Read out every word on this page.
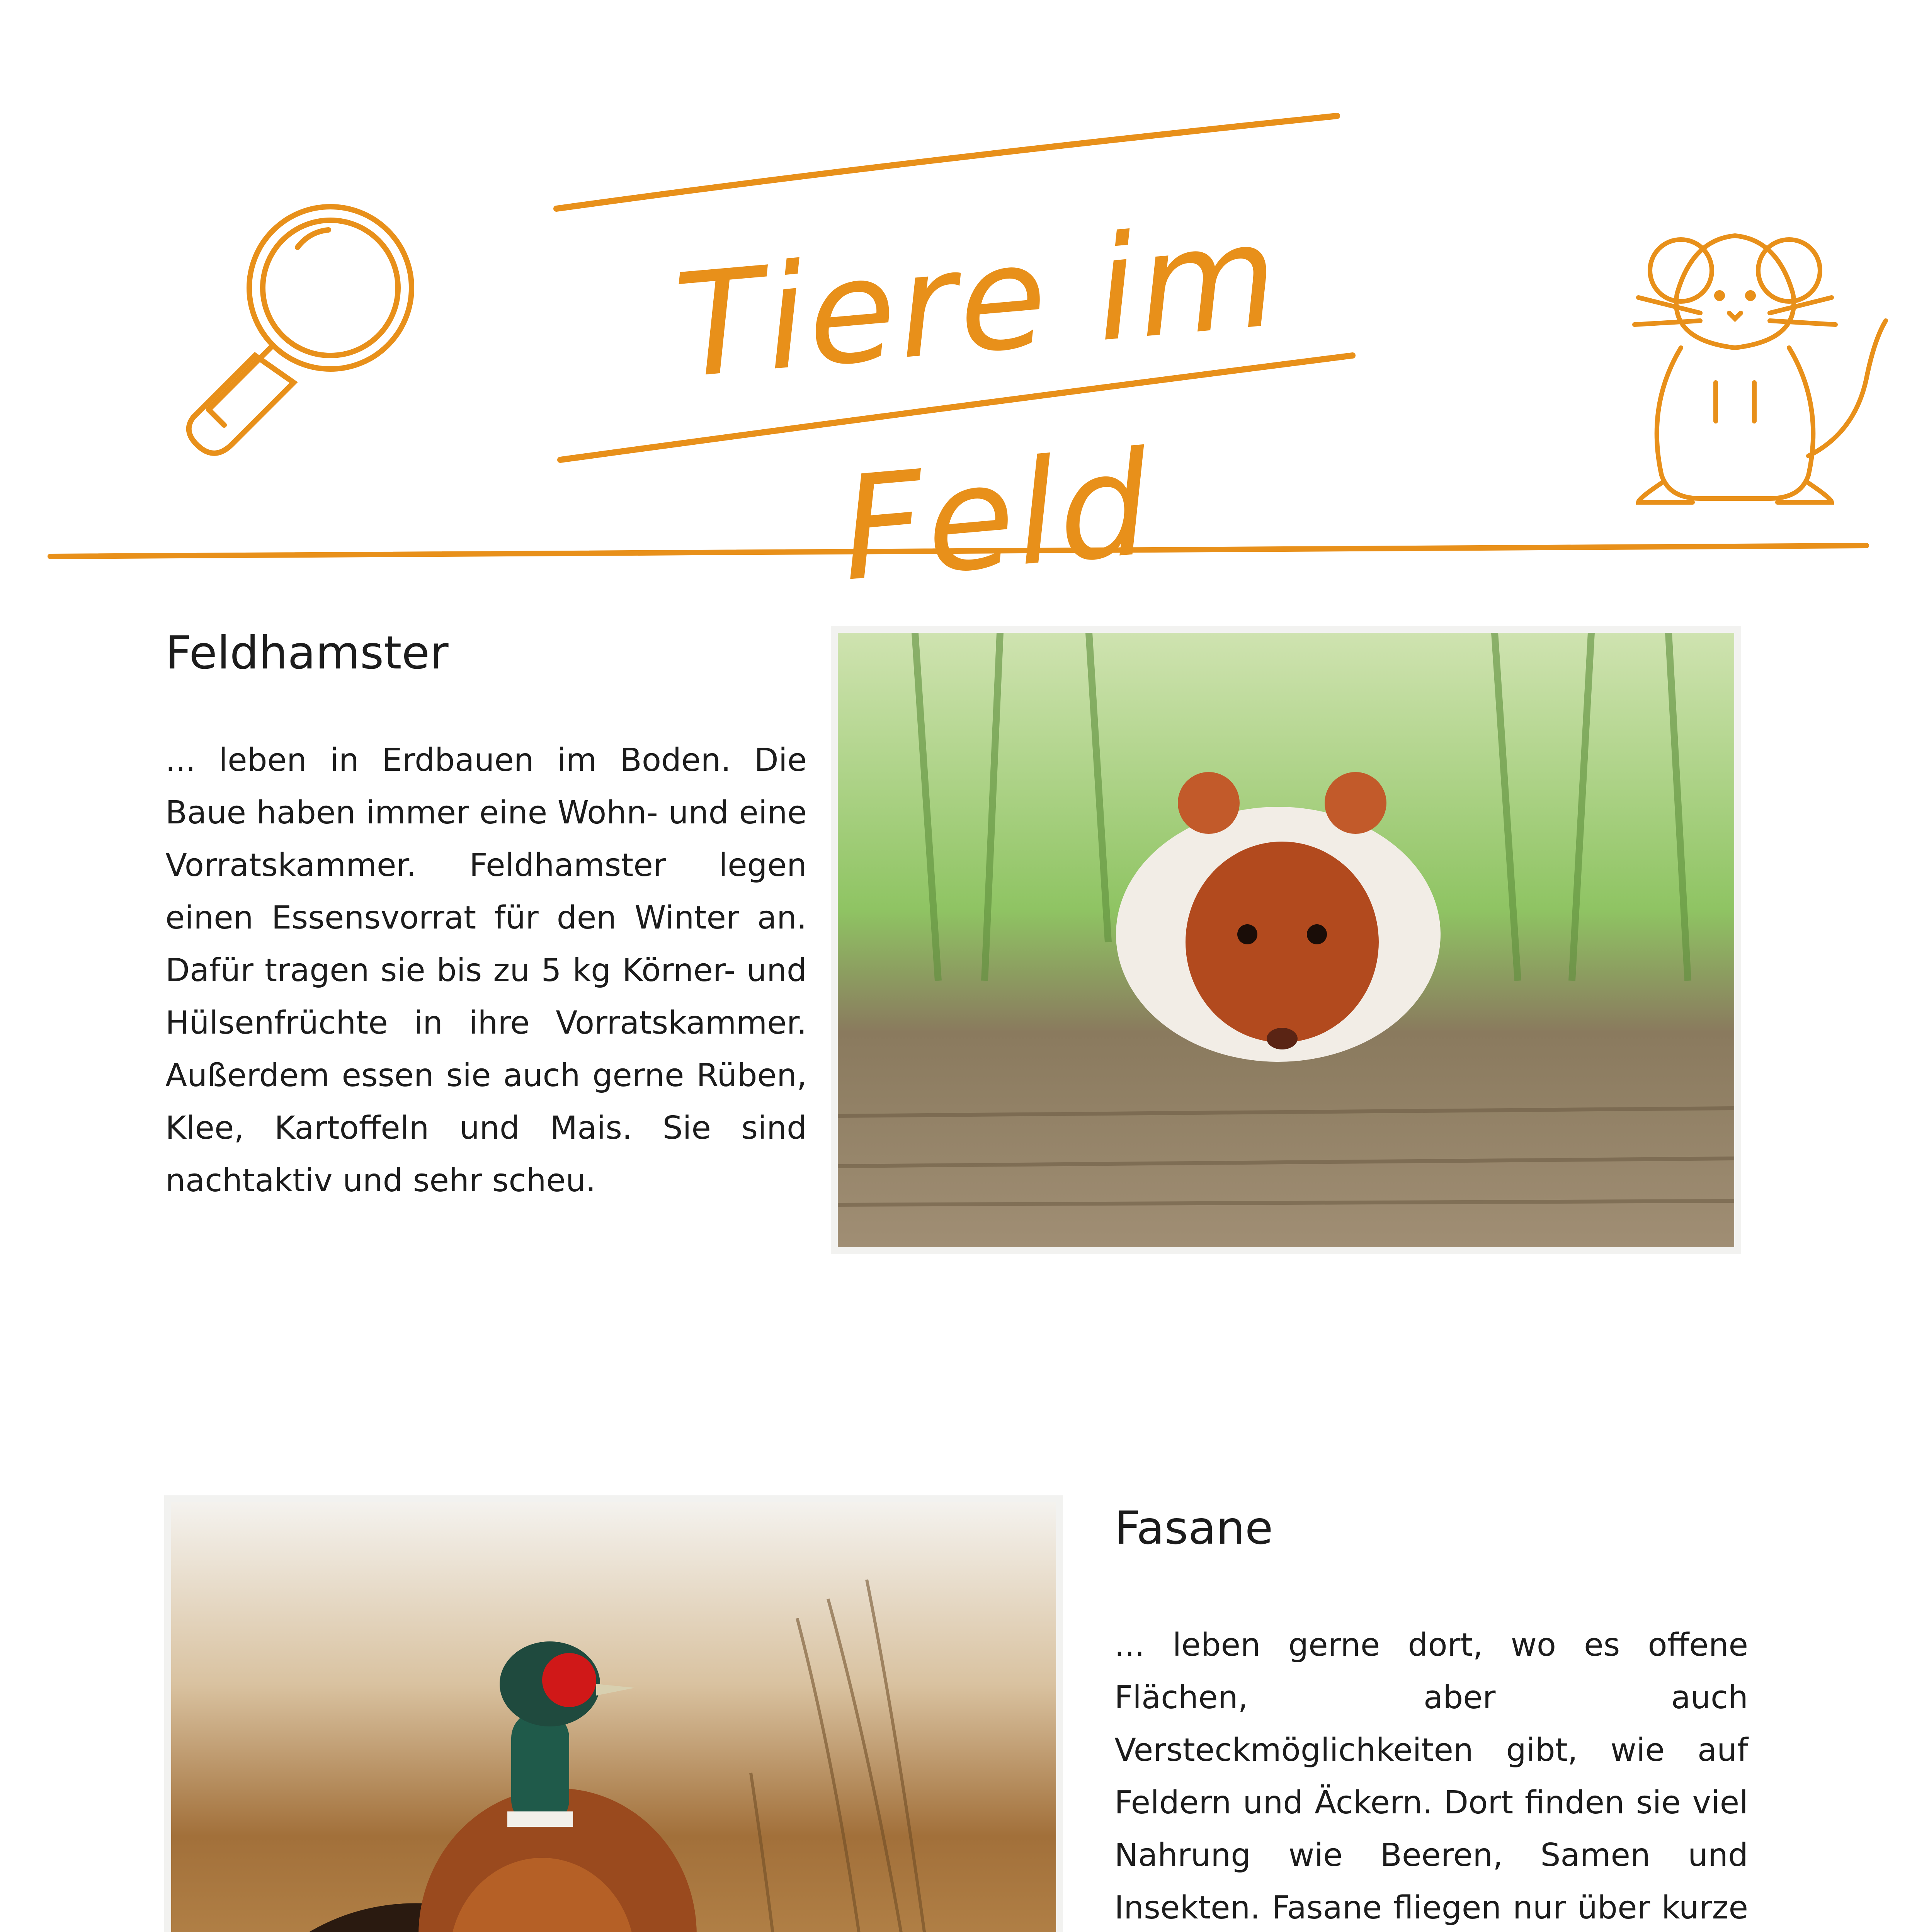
Tiere im Feld
Feldhamster

... leben in Erdbauen im Boden. Die Baue haben immer eine Wohn- und eine Vorratskammer. Feldhamster legen einen Essensvorrat für den Winter an. Dafür tragen sie bis zu 5 kg Körner- und Hülsenfrüchte in ihre Vorratskammer. Außerdem essen sie auch gerne Rüben, Klee, Kartoffeln und Mais. Sie sind nachtaktiv und sehr scheu.

Fasane

... leben gerne dort, wo es offene Flächen, aber auch Versteckmöglichkeiten gibt, wie auf Feldern und Äckern. Dort finden sie viel Nahrung wie Beeren, Samen und Insekten. Fasane fliegen nur über kurze
